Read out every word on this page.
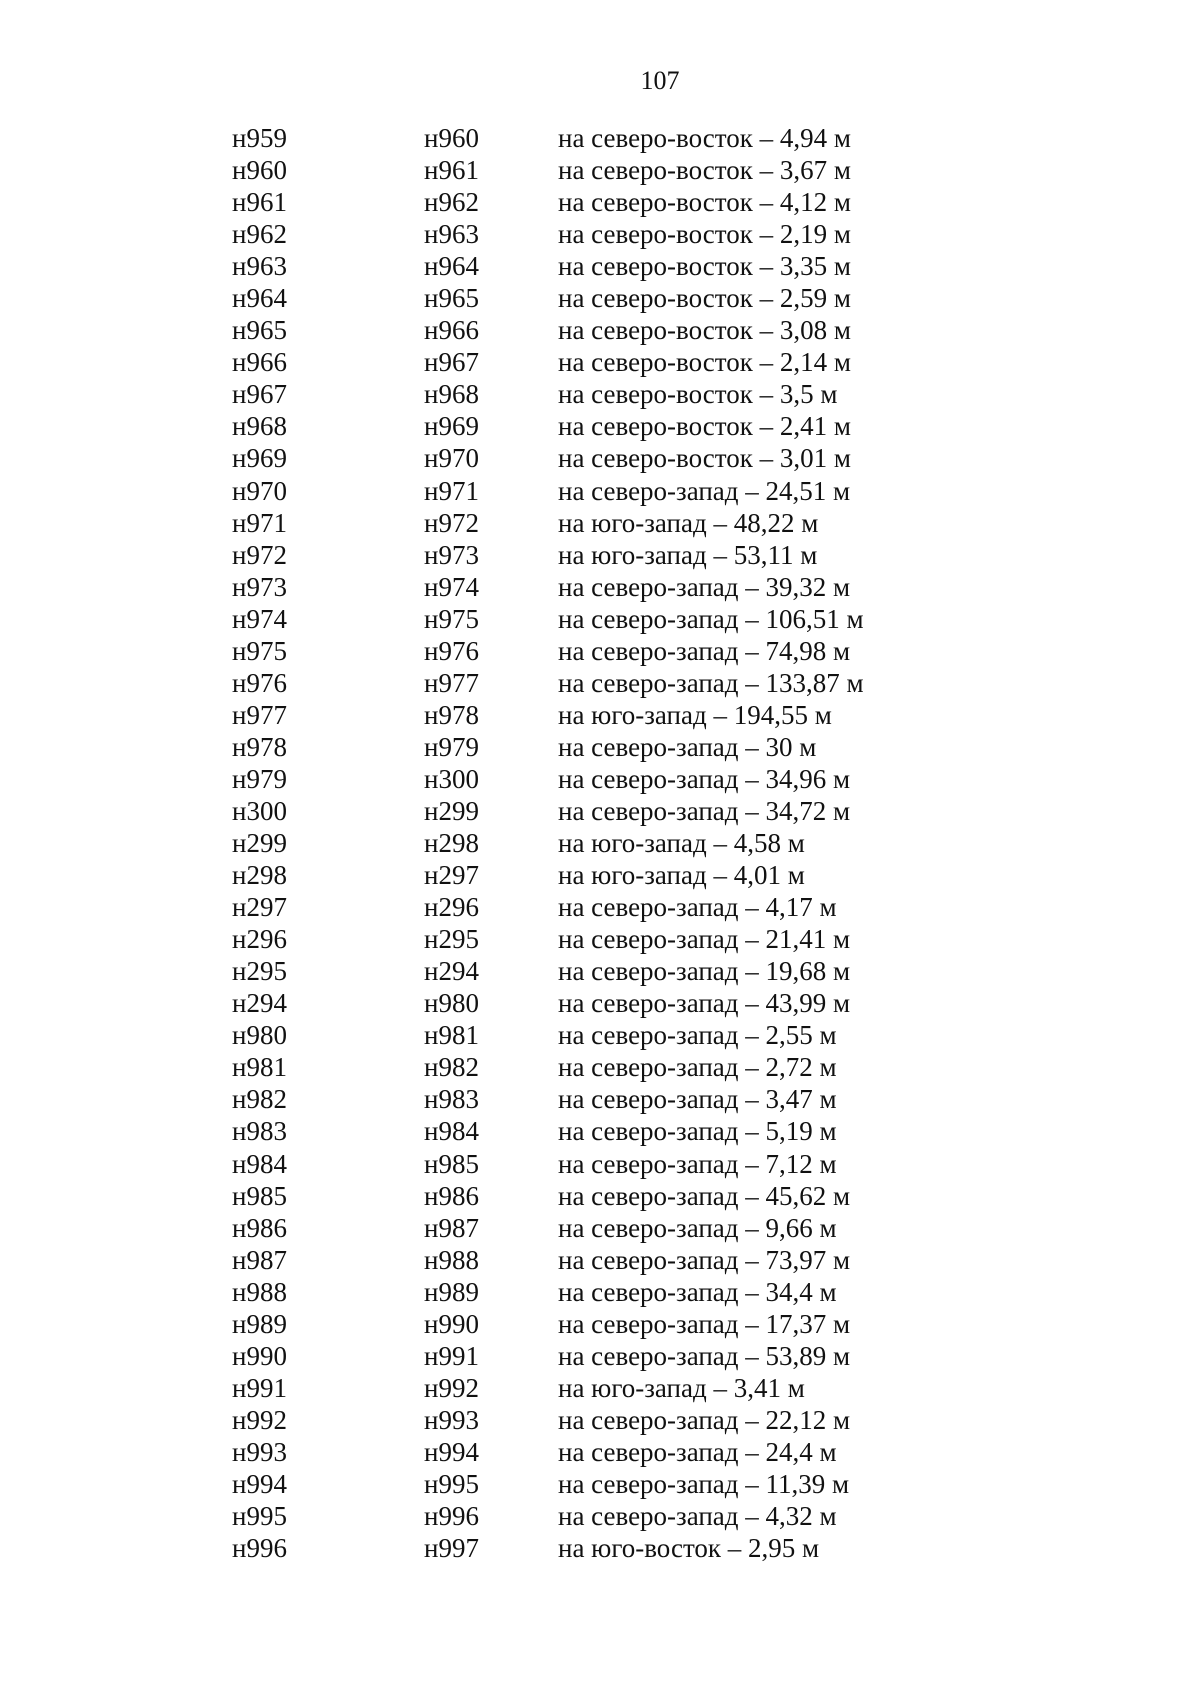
107
н959	н960	на северо-восток – 4,94 м
н960	н961	на северо-восток – 3,67 м
н961	н962	на северо-восток – 4,12 м
н962	н963	на северо-восток – 2,19 м
н963	н964	на северо-восток – 3,35 м
н964	н965	на северо-восток – 2,59 м
н965	н966	на северо-восток – 3,08 м
н966	н967	на северо-восток – 2,14 м
н967	н968	на северо-восток – 3,5 м
н968	н969	на северо-восток – 2,41 м
н969	н970	на северо-восток – 3,01 м
н970	н971	на северо-запад – 24,51 м
н971	н972	на юго-запад – 48,22 м
н972	н973	на юго-запад – 53,11 м
н973	н974	на северо-запад – 39,32 м
н974	н975	на северо-запад – 106,51 м
н975	н976	на северо-запад – 74,98 м
н976	н977	на северо-запад – 133,87 м
н977	н978	на юго-запад – 194,55 м
н978	н979	на северо-запад – 30 м
н979	н300	на северо-запад – 34,96 м
н300	н299	на северо-запад – 34,72 м
н299	н298	на юго-запад – 4,58 м
н298	н297	на юго-запад – 4,01 м
н297	н296	на северо-запад – 4,17 м
н296	н295	на северо-запад – 21,41 м
н295	н294	на северо-запад – 19,68 м
н294	н980	на северо-запад – 43,99 м
н980	н981	на северо-запад – 2,55 м
н981	н982	на северо-запад – 2,72 м
н982	н983	на северо-запад – 3,47 м
н983	н984	на северо-запад – 5,19 м
н984	н985	на северо-запад – 7,12 м
н985	н986	на северо-запад – 45,62 м
н986	н987	на северо-запад – 9,66 м
н987	н988	на северо-запад – 73,97 м
н988	н989	на северо-запад – 34,4 м
н989	н990	на северо-запад – 17,37 м
н990	н991	на северо-запад – 53,89 м
н991	н992	на юго-запад – 3,41 м
н992	н993	на северо-запад – 22,12 м
н993	н994	на северо-запад – 24,4 м
н994	н995	на северо-запад – 11,39 м
н995	н996	на северо-запад – 4,32 м
н996	н997	на юго-восток – 2,95 м
